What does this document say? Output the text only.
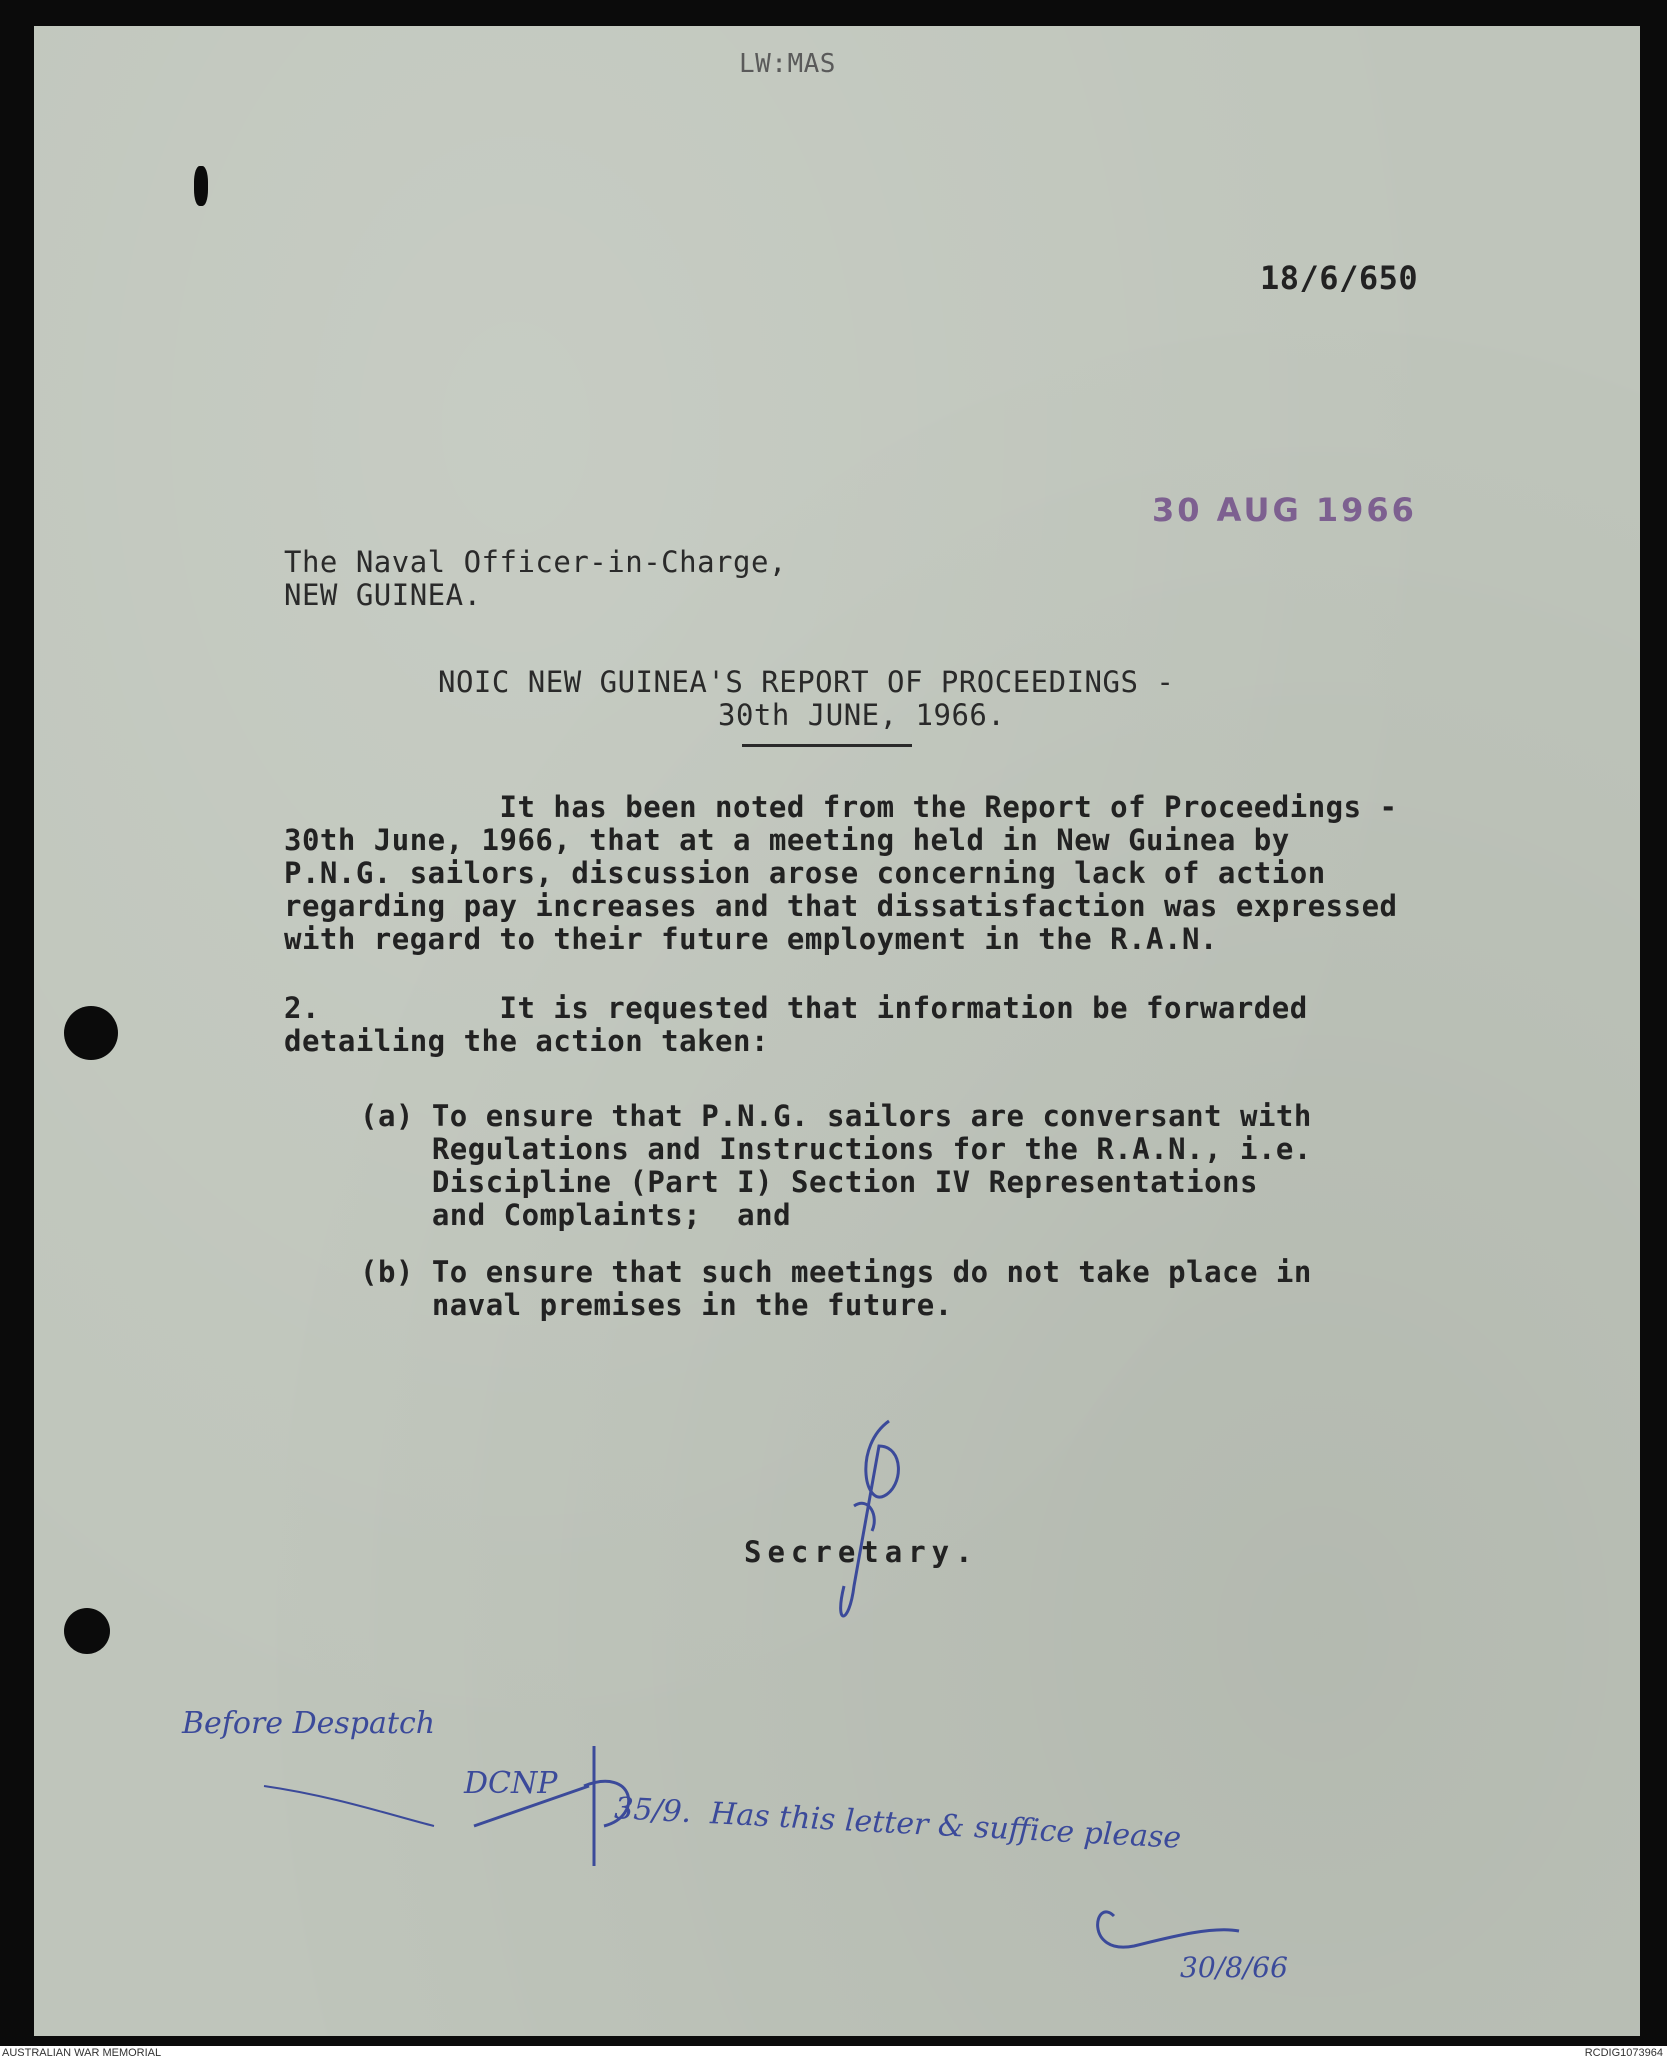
LW:MAS
18/6/650
30 AUG 1966
The Naval Officer-in-Charge,
NEW GUINEA.
NOIC NEW GUINEA'S REPORT OF PROCEEDINGS -
30th JUNE, 1966.
It has been noted from the Report of Proceedings -
30th June, 1966, that at a meeting held in New Guinea by
P.N.G. sailors, discussion arose concerning lack of action
regarding pay increases and that dissatisfaction was expressed
with regard to their future employment in the R.A.N.
2.          It is requested that information be forwarded
detailing the action taken:
(a) To ensure that P.N.G. sailors are conversant with
Regulations and Instructions for the R.A.N., i.e.
Discipline (Part I) Section IV Representations
and Complaints;  and
(b) To ensure that such meetings do not take place in
naval premises in the future.
Secretary.
Before Despatch
DCNP
35/9.  Has this letter & suffice please
30/8/66
AUSTRALIAN WAR MEMORIAL	RCDIG1073964
